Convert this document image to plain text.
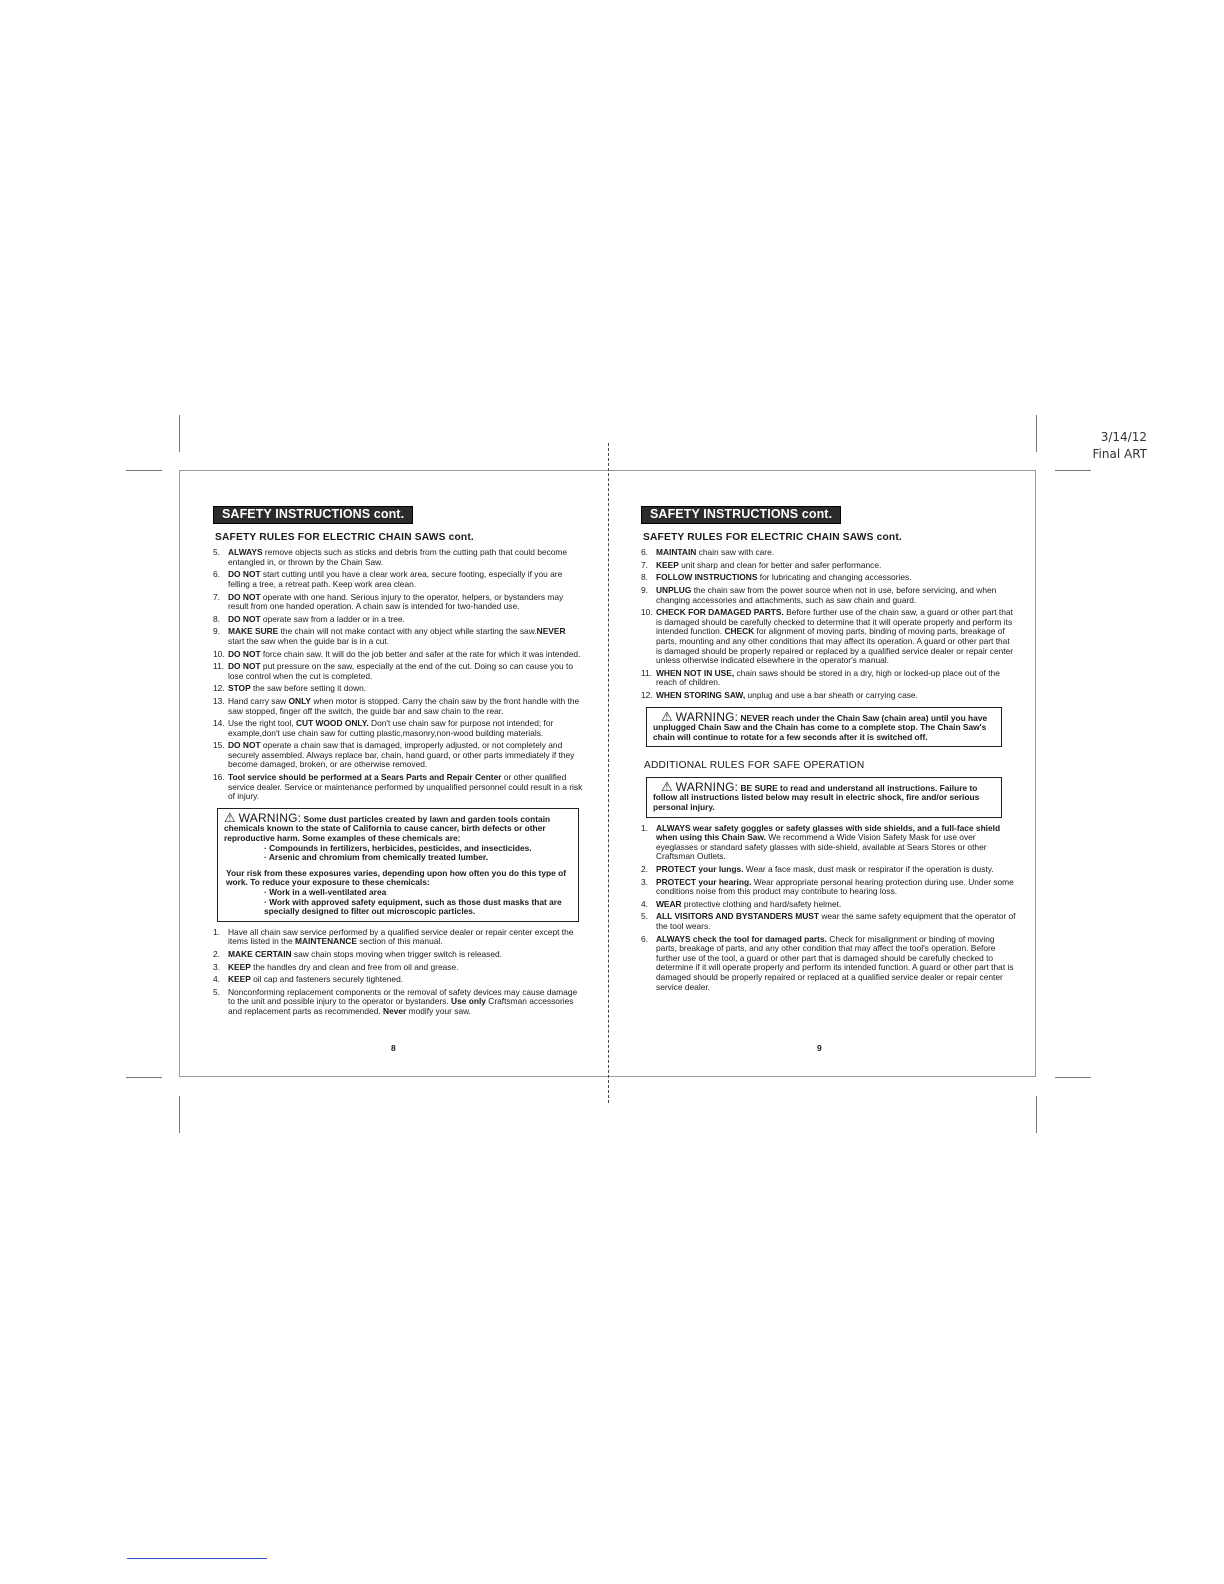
3/14/12
Final ART
SAFETY INSTRUCTIONS cont.
SAFETY RULES FOR ELECTRIC CHAIN SAWS cont.
5. ALWAYS remove objects such as sticks and debris from the cutting path that could become entangled in, or thrown by the Chain Saw.
6. DO NOT start cutting until you have a clear work area, secure footing, especially if you are felling a tree, a retreat path. Keep work area clean.
7. DO NOT operate with one hand. Serious injury to the operator, helpers, or bystanders may result from one handed operation. A chain saw is intended for two-handed use.
8. DO NOT operate saw from a ladder or in a tree.
9. MAKE SURE the chain will not make contact with any object while starting the saw.NEVER start the saw when the guide bar is in a cut.
10. DO NOT force chain saw. It will do the job better and safer at the rate for which it was intended.
11. DO NOT put pressure on the saw, especially at the end of the cut. Doing so can cause you to lose control when the cut is completed.
12. STOP the saw before setting it down.
13. Hand carry saw ONLY when motor is stopped. Carry the chain saw by the front handle with the saw stopped, finger off the switch, the guide bar and saw chain to the rear.
14. Use the right tool, CUT WOOD ONLY. Don't use chain saw for purpose not intended; for example,don't use chain saw for cutting plastic,masonry,non-wood building materials.
15. DO NOT operate a chain saw that is damaged, improperly adjusted, or not completely and securely assembled. Always replace bar, chain, hand guard, or other parts immediately if they become damaged, broken, or are otherwise removed.
16. Tool service should be performed at a Sears Parts and Repair Center or other qualified service dealer. Service or maintenance performed by unqualified personnel could result in a risk of injury.
⚠ WARNING: Some dust particles created by lawn and garden tools contain chemicals known to the state of California to cause cancer, birth defects or other reproductive harm. Some examples of these chemicals are:
· Compounds in fertilizers, herbicides, pesticides, and insecticides.
· Arsenic and chromium from chemically treated lumber.
Your risk from these exposures varies, depending upon how often you do this type of work. To reduce your exposure to these chemicals:
· Work in a well-ventilated area
· Work with approved safety equipment, such as those dust masks that are specially designed to filter out microscopic particles.
1. Have all chain saw service performed by a qualified service dealer or repair center except the items listed in the MAINTENANCE section of this manual.
2. MAKE CERTAIN saw chain stops moving when trigger switch is released.
3. KEEP the handles dry and clean and free from oil and grease.
4. KEEP oil cap and fasteners securely tightened.
5. Nonconforming replacement components or the removal of safety devices may cause damage to the unit and possible injury to the operator or bystanders. Use only Craftsman accessories and replacement parts as recommended. Never modify your saw.
8
SAFETY INSTRUCTIONS cont.
SAFETY RULES FOR ELECTRIC CHAIN SAWS cont.
6. MAINTAIN chain saw with care.
7. KEEP unit sharp and clean for better and safer performance.
8. FOLLOW INSTRUCTIONS for lubricating and changing accessories.
9. UNPLUG the chain saw from the power source when not in use, before servicing, and when changing accessories and attachments, such as saw chain and guard.
10. CHECK FOR DAMAGED PARTS. Before further use of the chain saw, a guard or other part that is damaged should be carefully checked to determine that it will operate properly and perform its intended function. CHECK for alignment of moving parts, binding of moving parts, breakage of parts, mounting and any other conditions that may affect its operation. A guard or other part that is damaged should be properly repaired or replaced by a qualified service dealer or repair center unless otherwise indicated elsewhere in the operator's manual.
11. WHEN NOT IN USE, chain saws should be stored in a dry, high or locked-up place out of the reach of children.
12. WHEN STORING SAW, unplug and use a bar sheath or carrying case.
⚠ WARNING: NEVER reach under the Chain Saw (chain area) until you have unplugged Chain Saw and the Chain has come to a complete stop. The Chain Saw's chain will continue to rotate for a few seconds after it is switched off.
ADDITIONAL RULES FOR SAFE OPERATION
⚠ WARNING: BE SURE to read and understand all instructions. Failure to follow all instructions listed below may result in electric shock, fire and/or serious personal injury.
1. ALWAYS wear safety goggles or safety glasses with side shields, and a full-face shield when using this Chain Saw. We recommend a Wide Vision Safety Mask for use over eyeglasses or standard safety glasses with side-shield, available at Sears Stores or other Craftsman Outlets.
2. PROTECT your lungs. Wear a face mask, dust mask or respirator if the operation is dusty.
3. PROTECT your hearing. Wear appropriate personal hearing protection during use. Under some conditions noise from this product may contribute to hearing loss.
4. WEAR protective clothing and hard/safety helmet.
5. ALL VISITORS AND BYSTANDERS MUST wear the same safety equipment that the operator of the tool wears.
6. ALWAYS check the tool for damaged parts. Check for misalignment or binding of moving parts, breakage of parts, and any other condition that may affect the tool's operation. Before further use of the tool, a guard or other part that is damaged should be carefully checked to determine if it will operate properly and perform its intended function. A guard or other part that is damaged should be properly repaired or replaced at a qualified service dealer or repair center service dealer.
9
